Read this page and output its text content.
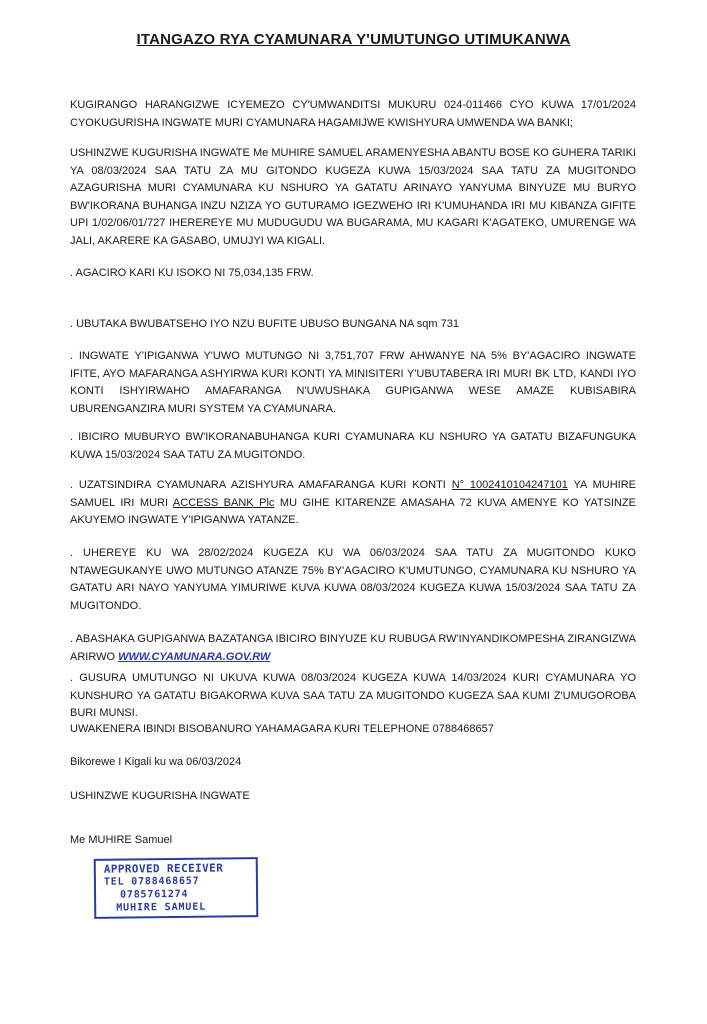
ITANGAZO RYA CYAMUNARA Y'UMUTUNGO UTIMUKANWA
KUGIRANGO HARANGIZWE ICYEMEZO CY'UMWANDITSI MUKURU 024-011466 CYO KUWA 17/01/2024 CYOKUGURISHA INGWATE MURI CYAMUNARA HAGAMIJWE KWISHYURA UMWENDA WA BANKI;
USHINZWE KUGURISHA INGWATE Me MUHIRE SAMUEL ARAMENYESHA ABANTU BOSE KO GUHERA TARIKI YA 08/03/2024 SAA TATU ZA MU GITONDO KUGEZA KUWA 15/03/2024 SAA TATU ZA MUGITONDO AZAGURISHA MURI CYAMUNARA KU NSHURO YA GATATU ARINAYO YANYUMA BINYUZE MU BURYO BW'IKORANA BUHANGA INZU NZIZA YO GUTURAMO IGEZWEHO IRI K'UMUHANDA IRI MU KIBANZA GIFITE UPI 1/02/06/01/727 IHEREREYE MU MUDUGUDU WA BUGARAMA, MU KAGARI K'AGATEKO, UMURENGE WA JALI, AKARERE KA GASABO, UMUJYI WA KIGALI.
. AGACIRO KARI KU ISOKO NI 75,034,135 FRW.
. UBUTAKA BWUBATSEHO IYO NZU BUFITE UBUSO BUNGANA NA sqm 731
. INGWATE Y'IPIGANWA Y'UWO MUTUNGO NI 3,751,707 FRW AHWANYE NA 5% BY'AGACIRO INGWATE IFITE, AYO MAFARANGA ASHYIRWA KURI KONTI YA MINISITERI Y'UBUTABERA IRI MURI BK LTD, KANDI IYO KONTI ISHYIRWAHO AMAFARANGA N'UWUSHAKA GUPIGANWA WESE AMAZE KUBISABIRA UBURENGANZIRA MURI SYSTEM YA CYAMUNARA.
. IBICIRO MUBURYO BW'IKORANABUHANGA KURI CYAMUNARA KU NSHURO YA GATATU BIZAFUNGUKA KUWA 15/03/2024 SAA TATU ZA MUGITONDO.
. UZATSINDIRA CYAMUNARA AZISHYURA AMAFARANGA KURI KONTI N° 1002410104247101 YA MUHIRE SAMUEL IRI MURI ACCESS BANK Plc MU GIHE KITARENZE AMASAHA 72 KUVA AMENYE KO YATSINZE AKUYEMO INGWATE Y'IPIGANWA YATANZE.
. UHEREYE KU WA 28/02/2024 KUGEZA KU WA 06/03/2024 SAA TATU ZA MUGITONDO KUKO NTAWEGUKANYE UWO MUTUNGO ATANZE 75% BY'AGACIRO K'UMUTUNGO, CYAMUNARA KU NSHURO YA GATATU ARI NAYO YANYUMA YIMURIWE KUVA KUWA 08/03/2024 KUGEZA KUWA 15/03/2024 SAA TATU ZA MUGITONDO.
. ABASHAKA GUPIGANWA BAZATANGA IBICIRO BINYUZE KU RUBUGA RW'INYANDIKOMPESHA ZIRANGIZWA ARIRWO WWW.CYAMUNARA.GOV.RW
. GUSURA UMUTUNGO NI UKUVA KUWA 08/03/2024 KUGEZA KUWA 14/03/2024 KURI CYAMUNARA YO KUNSHURO YA GATATU BIGAKORWA KUVA SAA TATU ZA MUGITONDO KUGEZA SAA KUMI Z'UMUGOROBA BURI MUNSI.
UWAKENERA IBINDI BISOBANURO YAHAMAGARA KURI TELEPHONE 0788468657
Bikorewe I Kigali ku wa 06/03/2024
USHINZWE KUGURISHA INGWATE
Me MUHIRE Samuel
APPROVED RECEIVER
TEL 0788468657
0785761274
MUHIRE SAMUEL
